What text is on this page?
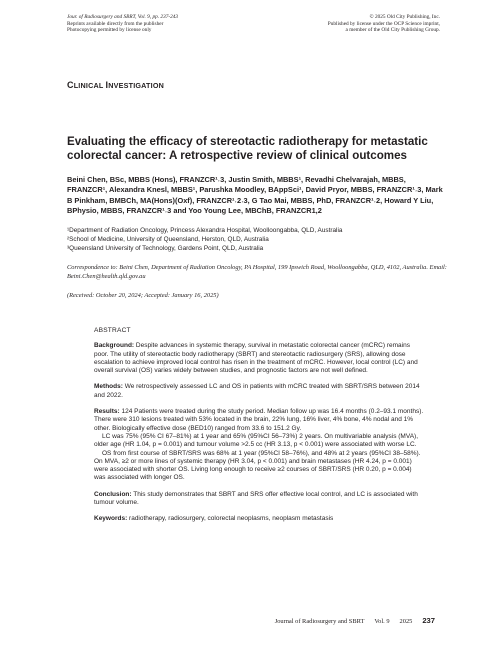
Jour. of Radiosurgery and SBRT, Vol. 9, pp. 237-243
Reprints available directly from the publisher
Photocopying permitted by license only
© 2025 Old City Publishing, Inc.
Published by license under the OCP Science imprint,
a member of the Old City Publishing Group.
CLINICAL INVESTIGATION
Evaluating the efficacy of stereotactic radiotherapy for metastatic colorectal cancer: A retrospective review of clinical outcomes

Beini Chen, BSc, MBBS (Hons), FRANZCR¹˒3, Justin Smith, MBBS¹, Revadhi Chelvarajah, MBBS, FRANZCR¹, Alexandra Knesl, MBBS¹, Parushka Moodley, BAppSci¹, David Pryor, MBBS, FRANZCR¹˒3, Mark B Pinkham, BMBCh, MA(Hons)(Oxf), FRANZCR¹˒2˒3, G Tao Mai, MBBS, PhD, FRANZCR¹˒2, Howard Y Liu, BPhysio, MBBS, FRANZCR¹˒3 and Yoo Young Lee, MBChB, FRANZCR1,2

¹Department of Radiation Oncology, Princess Alexandra Hospital, Woolloongabba, QLD, Australia
²School of Medicine, University of Queensland, Herston, QLD, Australia
³Queensland University of Technology, Gardens Point, QLD, Australia

Correspondence to: Beini Chen, Department of Radiation Oncology, PA Hospital, 199 Ipswich Road, Woolloongabba, QLD, 4102, Australia. Email: Beini.Chen@health.qld.gov.au

(Received: October 20, 2024; Accepted: January 16, 2025)
ABSTRACT

Background: Despite advances in systemic therapy, survival in metastatic colorectal cancer (mCRC) remains poor. The utility of stereotactic body radiotherapy (SBRT) and stereotactic radiosurgery (SRS), allowing dose escalation to achieve improved local control has risen in the treatment of mCRC. However, local control (LC) and overall survival (OS) varies widely between studies, and prognostic factors are not well defined.

Methods: We retrospectively assessed LC and OS in patients with mCRC treated with SBRT/SRS between 2014 and 2022.

Results: 124 Patients were treated during the study period. Median follow up was 16.4 months (0.2–93.1 months). There were 310 lesions treated with 53% located in the brain, 22% lung, 16% liver, 4% bone, 4% nodal and 1% other. Biologically effective dose (BED10) ranged from 33.6 to 151.2 Gy.

LC was 75% (95% CI 67–81%) at 1 year and 65% (95%CI 56–73%) 2 years. On multivariable analysis (MVA), older age (HR 1.04, p = 0.001) and tumour volume >2.5 cc (HR 3.13, p < 0.001) were associated with worse LC.

OS from first course of SBRT/SRS was 68% at 1 year (95%CI 58–76%), and 48% at 2 years (95%CI 38–58%). On MVA, ≥2 or more lines of systemic therapy (HR 3.04, p < 0.001) and brain metastases (HR 4.24, p = 0.001) were associated with shorter OS. Living long enough to receive ≥2 courses of SBRT/SRS (HR 0.20, p = 0.004) was associated with longer OS.

Conclusion: This study demonstrates that SBRT and SRS offer effective local control, and LC is associated with tumour volume.

Keywords: radiotherapy, radiosurgery, colorectal neoplasms, neoplasm metastasis

Journal of Radiosurgery and SBRT Vol. 9 2025 237
